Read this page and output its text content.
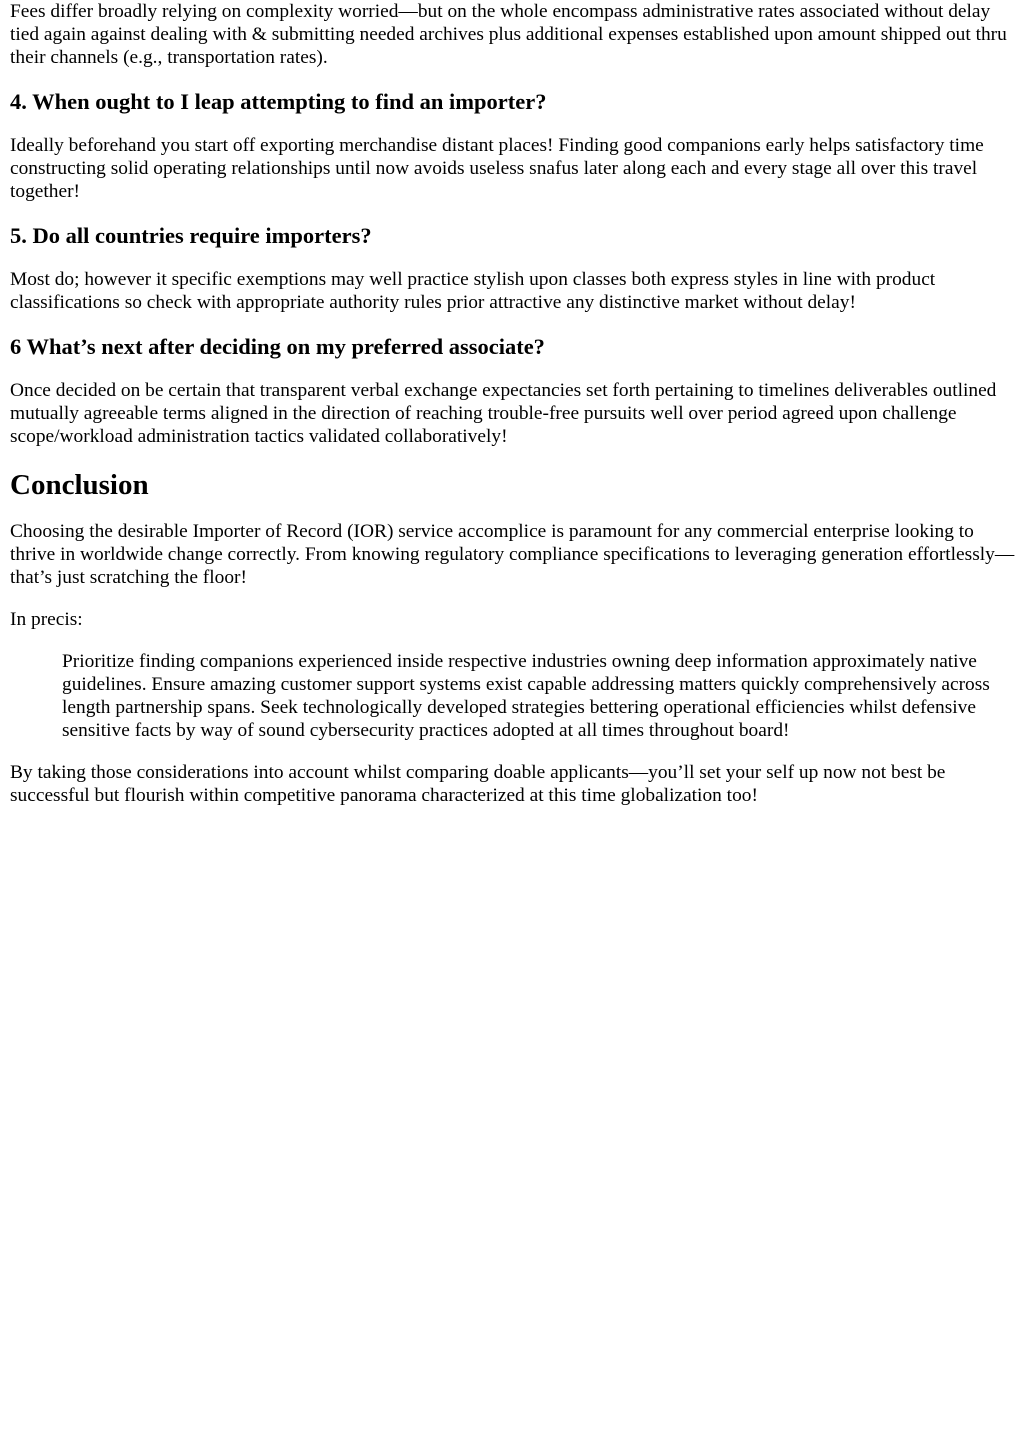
Fees differ broadly relying on complexity worried—but on the whole encompass administrative rates associated without delay tied again against dealing with & submitting needed archives plus additional expenses established upon amount shipped out thru their channels (e.g., transportation rates).

4. When ought to I leap attempting to find an importer?

Ideally beforehand you start off exporting merchandise distant places! Finding good companions early helps satisfactory time constructing solid operating relationships until now avoids useless snafus later along each and every stage all over this travel together!

5. Do all countries require importers?

Most do; however it specific exemptions may well practice stylish upon classes both express styles in line with product classifications so check with appropriate authority rules prior attractive any distinctive market without delay!

6 What’s next after deciding on my preferred associate?

Once decided on be certain that transparent verbal exchange expectancies set forth pertaining to timelines deliverables outlined mutually agreeable terms aligned in the direction of reaching trouble-free pursuits well over period agreed upon challenge scope/workload administration tactics validated collaboratively!

Conclusion

Choosing the desirable Importer of Record (IOR) service accomplice is paramount for any commercial enterprise looking to thrive in worldwide change correctly. From knowing regulatory compliance specifications to leveraging generation effortlessly—that’s just scratching the floor!

In precis:

Prioritize finding companions experienced inside respective industries owning deep information approximately native guidelines. Ensure amazing customer support systems exist capable addressing matters quickly comprehensively across length partnership spans. Seek technologically developed strategies bettering operational efficiencies whilst defensive sensitive facts by way of sound cybersecurity practices adopted at all times throughout board!

By taking those considerations into account whilst comparing doable applicants—you’ll set your self up now not best be successful but flourish within competitive panorama characterized at this time globalization too!
